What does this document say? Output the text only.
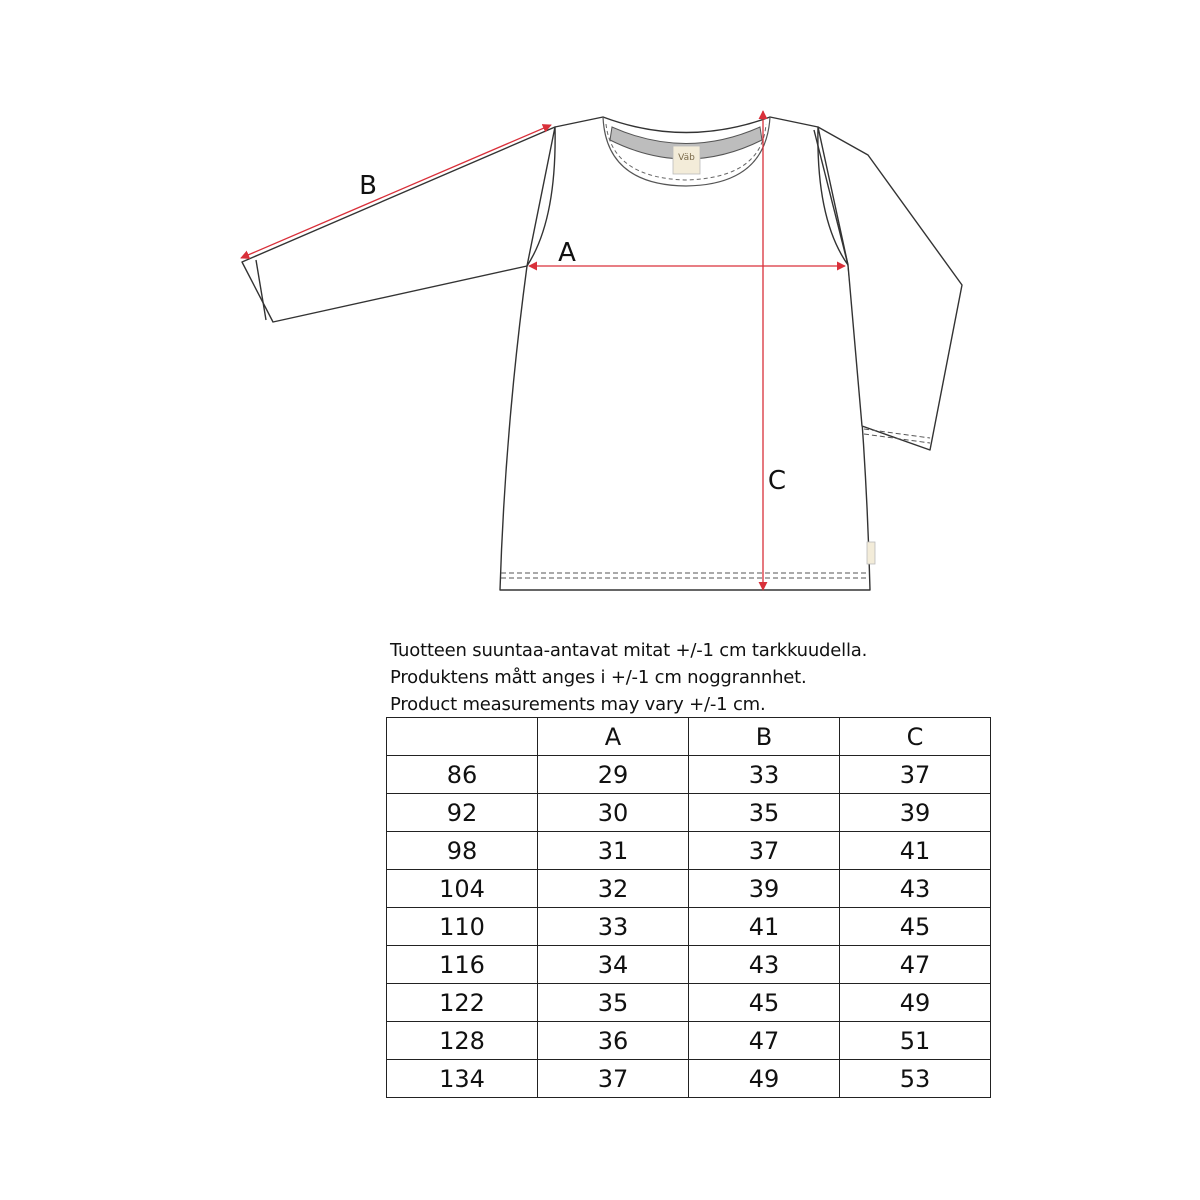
Väb
B
A
C
Tuotteen suuntaa-antavat mitat +/-1 cm tarkkuudella.
Produktens mått anges i +/-1 cm noggrannhet.
Product measurements may vary +/-1 cm.
	A	B	C
86	29	33	37
92	30	35	39
98	31	37	41
104	32	39	43
110	33	41	45
116	34	43	47
122	35	45	49
128	36	47	51
134	37	49	53
